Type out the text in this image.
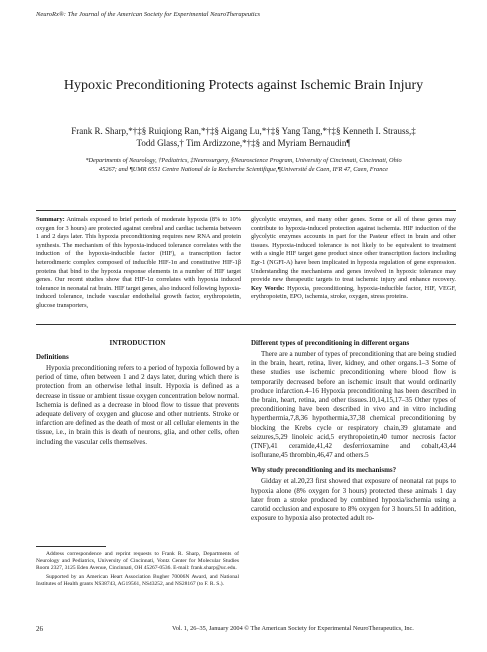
NeuroRx®: The Journal of the American Society for Experimental NeuroTherapeutics
Hypoxic Preconditioning Protects against Ischemic Brain Injury
Frank R. Sharp,*†‡§ Ruiqiong Ran,*†‡§ Aigang Lu,*†‡§ Yang Tang,*†‡§ Kenneth I. Strauss,‡
Todd Glass,† Tim Ardizzone,*†‡§ and Myriam Bernaudin¶
*Departments of Neurology, †Pediatrics, ‡Neurosurgery, §Neuroscience Program, University of Cincinnati, Cincinnati, Ohio
45267; and ¶UMR 6551 Centre National de la Recherche Scientifique,¶Université de Caen, IFR 47, Caen, France
Summary: Animals exposed to brief periods of moderate hypoxia (8% to 10% oxygen for 3 hours) are protected against cerebral and cardiac ischemia between 1 and 2 days later. This hypoxia preconditioning requires new RNA and protein synthesis. The mechanism of this hypoxia-induced tolerance correlates with the induction of the hypoxia-inducible factor (HIF), a transcription factor heterodimeric complex composed of inducible HIF-1α and constitutive HIF-1β proteins that bind to the hypoxia response elements in a number of HIF target genes. Our recent studies show that HIF-1α correlates with hypoxia induced tolerance in neonatal rat brain. HIF target genes, also induced following hypoxia-induced tolerance, include vascular endothelial growth factor, erythropoietin, glucose transporters,
glycolytic enzymes, and many other genes. Some or all of these genes may contribute to hypoxia-induced protection against ischemia. HIF induction of the glycolytic enzymes accounts in part for the Pasteur effect in brain and other tissues. Hypoxia-induced tolerance is not likely to be equivalent to treatment with a single HIF target gene product since other transcription factors including Egr-1 (NGFI-A) have been implicated in hypoxia regulation of gene expression. Understanding the mechanisms and genes involved in hypoxic tolerance may provide new therapeutic targets to treat ischemic injury and enhance recovery. Key Words: Hypoxia, preconditioning, hypoxia-inducible factor, HIF, VEGF, erythropoietin, EPO, ischemia, stroke, oxygen, stress proteins.
INTRODUCTION
Definitions

Hypoxia preconditioning refers to a period of hypoxia followed by a period of time, often between 1 and 2 days later, during which there is protection from an otherwise lethal insult. Hypoxia is defined as a decrease in tissue or ambient tissue oxygen concentration below normal. Ischemia is defined as a decrease in blood flow to tissue that prevents adequate delivery of oxygen and glucose and other nutrients. Stroke or infarction are defined as the death of most or all cellular elements in the tissue, i.e., in brain this is death of neurons, glia, and other cells, often including the vascular cells themselves.

Different types of preconditioning in different organs

There are a number of types of preconditioning that are being studied in the brain, heart, retina, liver, kidney, and other organs.1–3 Some of these studies use ischemic preconditioning where blood flow is temporarily decreased before an ischemic insult that would ordinarily produce infarction.4–16 Hypoxia preconditioning has been described in the brain, heart, retina, and other tissues.10,14,15,17–35 Other types of preconditioning have been described in vivo and in vitro including hyperthermia,7,8,36 hypothermia,37,38 chemical preconditioning by blocking the Krebs cycle or respiratory chain,39 glutamate and seizures,5,29 linoleic acid,5 erythropoietin,40 tumor necrosis factor (TNF),41 ceramide,41,42 desferrioxamine and cobalt,43,44 isoflurane,45 thrombin,46,47 and others.5

Why study preconditioning and its mechanisms?

Gidday et al.20,23 first showed that exposure of neonatal rat pups to hypoxia alone (8% oxygen for 3 hours) protected these animals 1 day later from a stroke produced by combined hypoxia/ischemia using a carotid occlusion and exposure to 8% oxygen for 3 hours.51 In addition, exposure to hypoxia also protected adult ro-

Address correspondence and reprint requests to Frank R. Sharp, Departments of Neurology and Pediatrics, University of Cincinnati, Vontz Center for Molecular Studies Room 2327, 3125 Eden Avenue, Cincinnati, OH 45267-0536. E-mail: frank.sharp@uc.edu.

Supported by an American Heart Association Bugher 70006N Award, and National Institutes of Health grants NS38743, AG19561, NS43252, and NS28167 (to F. R. S.).

26	Vol. 1, 26–35, January 2004 © The American Society for Experimental NeuroTherapeutics, Inc.
